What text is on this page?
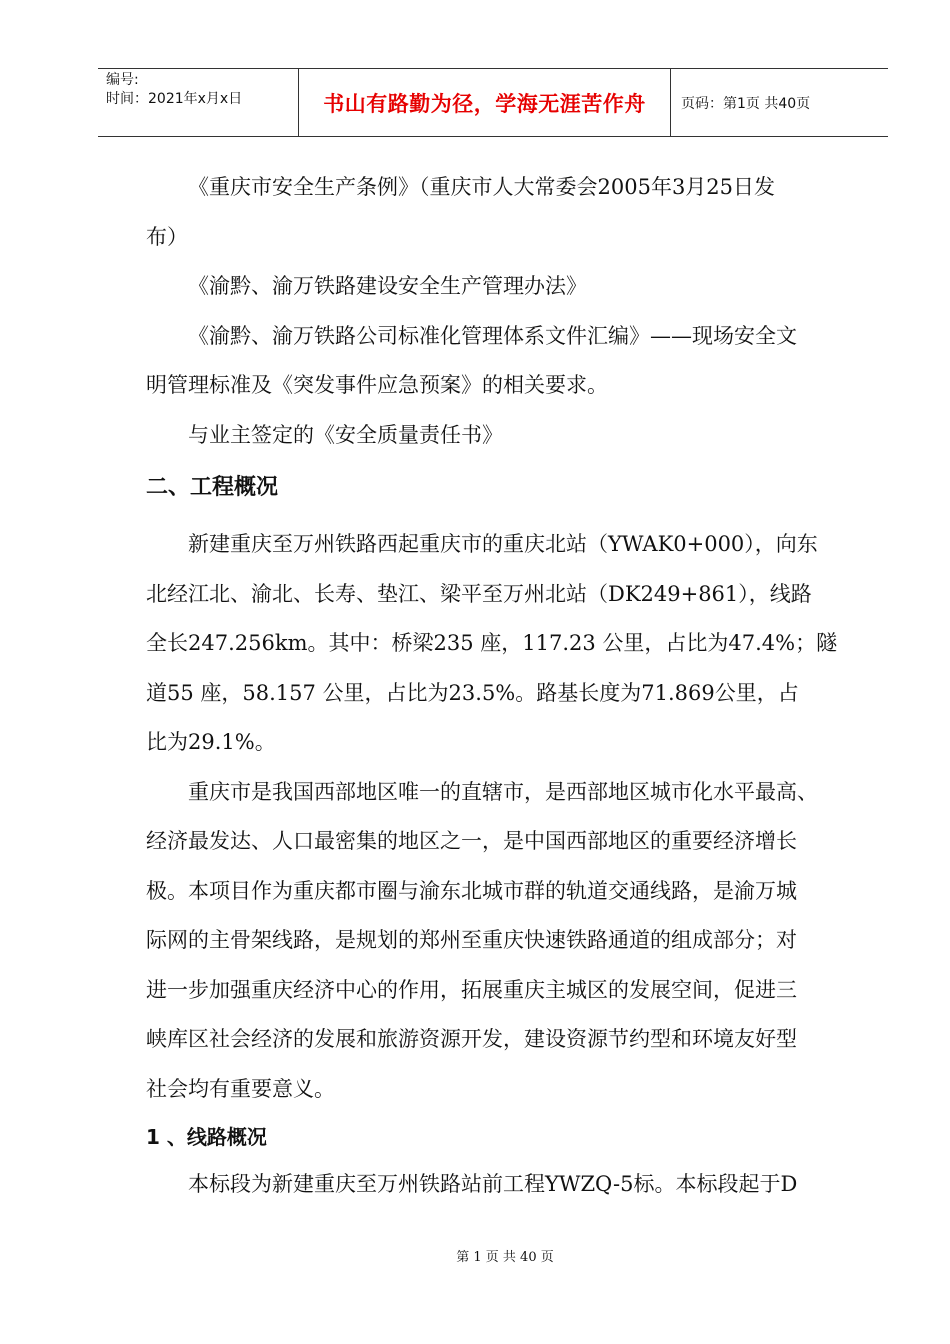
编号:
时间：2021年x月x日	书山有路勤为径，学海无涯苦作舟	页码：第1页 共40页

《重庆市安全生产条例》（重庆市人大常委会2005年3月25日发
布）

《渝黔、渝万铁路建设安全生产管理办法》

《渝黔、渝万铁路公司标准化管理体系文件汇编》——现场安全文
明管理标准及《突发事件应急预案》的相关要求。

与业主签定的《安全质量责任书》

二、工程概况

新建重庆至万州铁路西起重庆市的重庆北站（YWAK0+000），向东
北经江北、渝北、长寿、垫江、梁平至万州北站（DK249+861），线路
全长247.256km。其中：桥梁235 座，117.23 公里，占比为47.4%；隧
道55 座，58.157 公里，占比为23.5%。路基长度为71.869公里，占
比为29.1%。

重庆市是我国西部地区唯一的直辖市，是西部地区城市化水平最高、
经济最发达、人口最密集的地区之一，是中国西部地区的重要经济增长
极。本项目作为重庆都市圈与渝东北城市群的轨道交通线路，是渝万城
际网的主骨架线路，是规划的郑州至重庆快速铁路通道的组成部分；对
进一步加强重庆经济中心的作用，拓展重庆主城区的发展空间，促进三
峡库区社会经济的发展和旅游资源开发，建设资源节约型和环境友好型
社会均有重要意义。

1 、线路概况

本标段为新建重庆至万州铁路站前工程YWZQ-5标。本标段起于D

第 1 页 共 40 页
